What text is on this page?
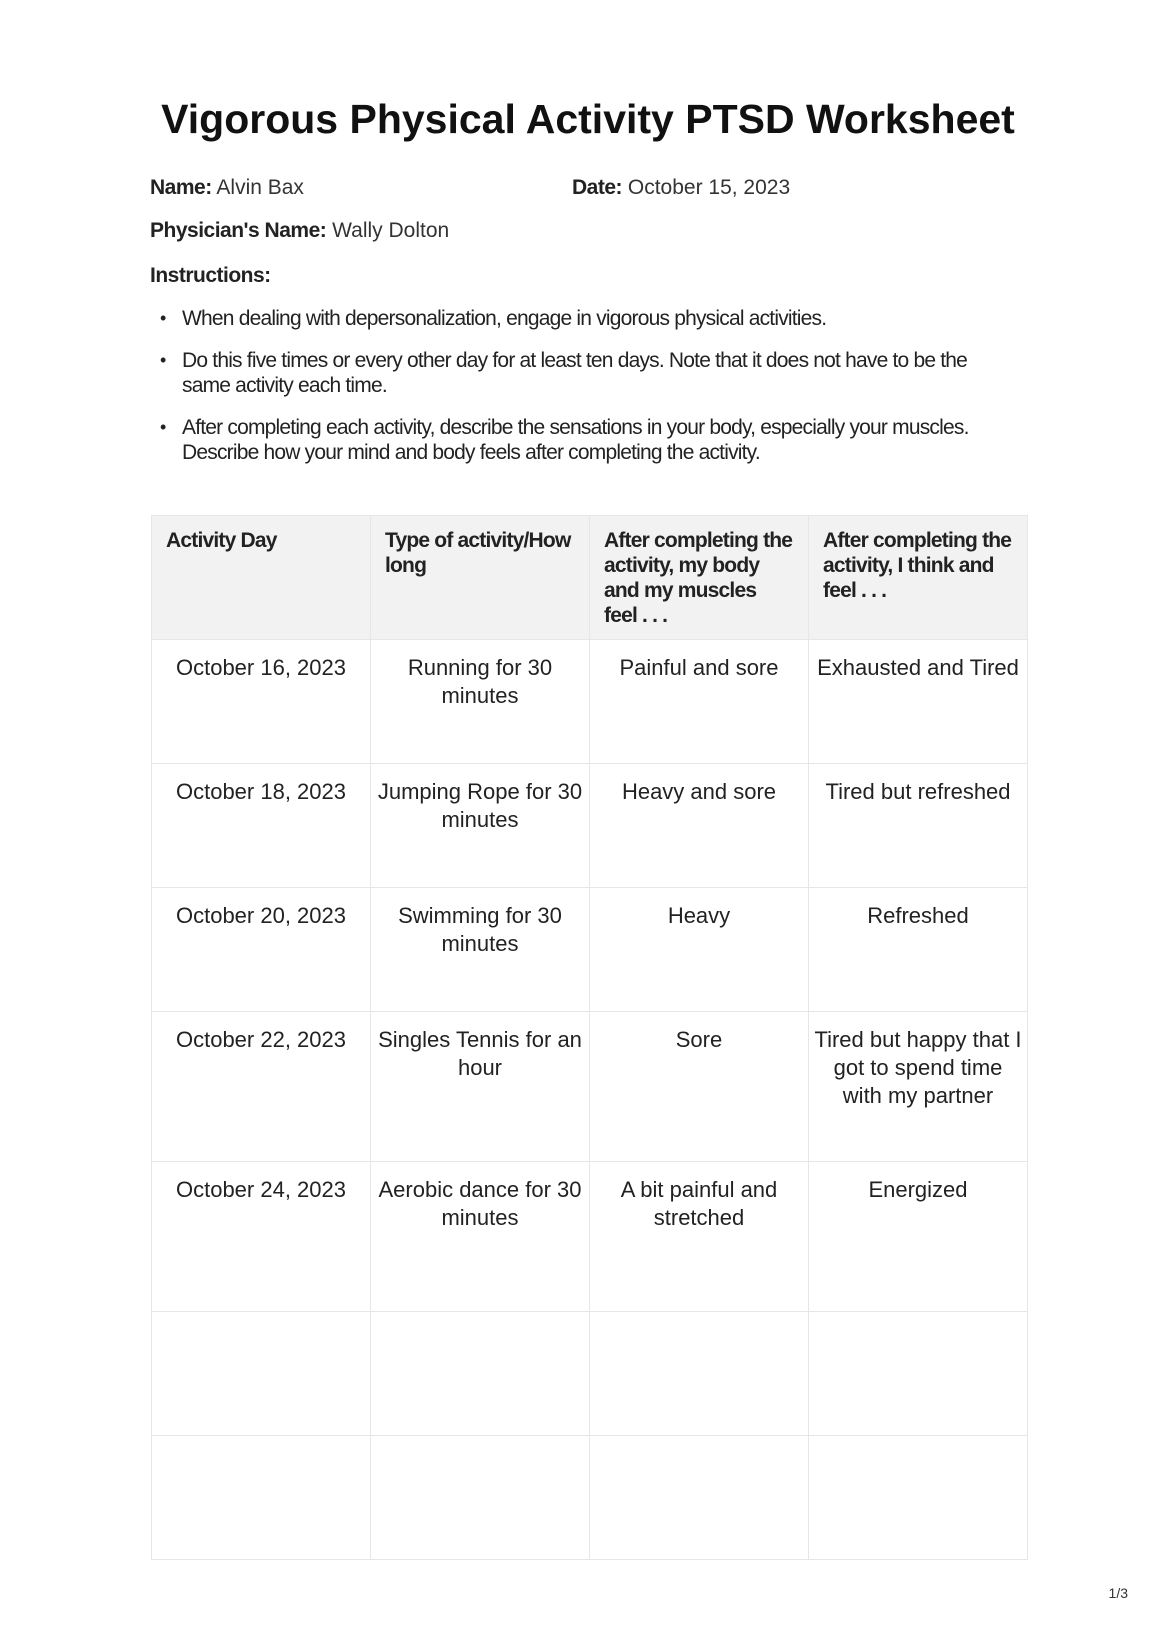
Vigorous Physical Activity PTSD Worksheet
Name: Alvin Bax	Date: October 15, 2023
Physician's Name: Wally Dolton
Instructions:
• When dealing with depersonalization, engage in vigorous physical activities.
• Do this five times or every other day for at least ten days. Note that it does not have to be the same activity each time.
• After completing each activity, describe the sensations in your body, especially your muscles. Describe how your mind and body feels after completing the activity.
Activity Day	Type of activity/How long	After completing the activity, my body and my muscles feel . . .	After completing the activity, I think and feel . . .
October 16, 2023	Running for 30 minutes	Painful and sore	Exhausted and Tired
October 18, 2023	Jumping Rope for 30 minutes	Heavy and sore	Tired but refreshed
October 20, 2023	Swimming for 30 minutes	Heavy	Refreshed
October 22, 2023	Singles Tennis for an hour	Sore	Tired but happy that I got to spend time with my partner
October 24, 2023	Aerobic dance for 30 minutes	A bit painful and stretched	Energized

1/3
